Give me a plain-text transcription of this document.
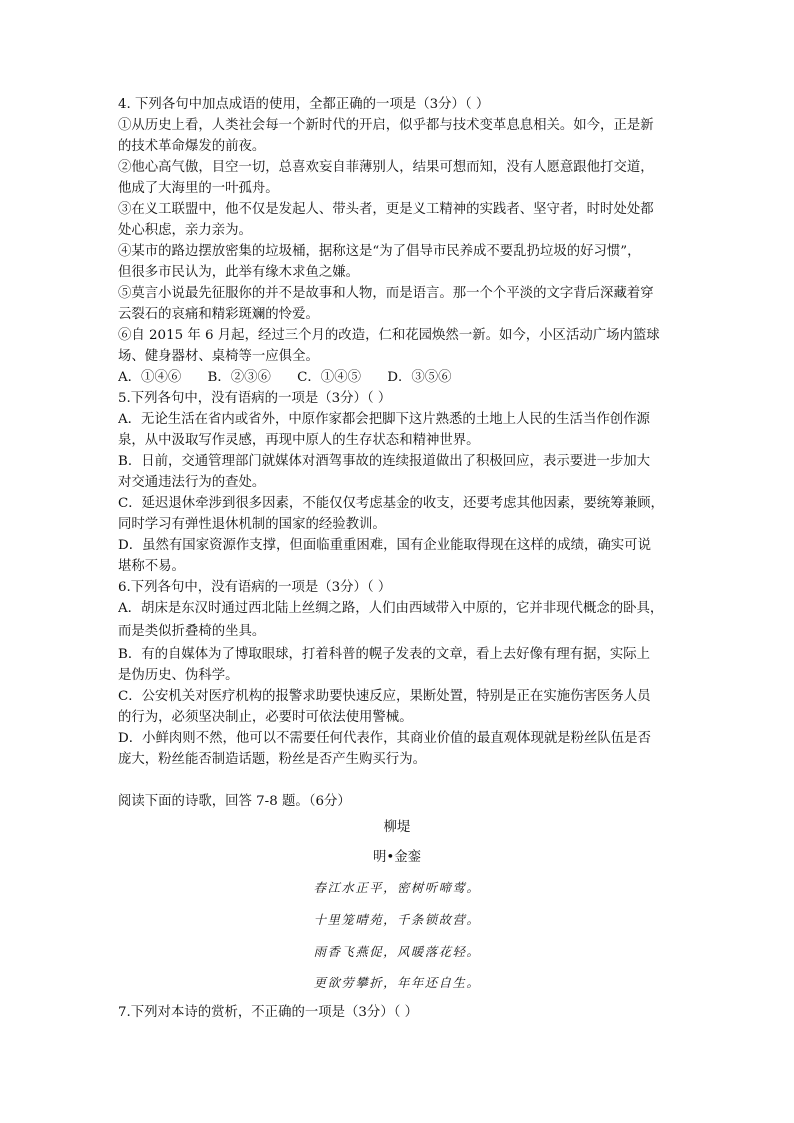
4. 下列各句中加点成语的使用，全都正确的一项是（3分）（ ）
①从历史上看，人类社会每一个新时代的开启，似乎都与技术变革息息相关。如今，正是新
的技术革命爆发的前夜。
②他心高气傲，目空一切，总喜欢妄自菲薄别人，结果可想而知，没有人愿意跟他打交道，
他成了大海里的一叶孤舟。
③在义工联盟中，他不仅是发起人、带头者，更是义工精神的实践者、坚守者，时时处处都
处心积虑，亲力亲为。
④某市的路边摆放密集的垃圾桶，据称这是“为了倡导市民养成不要乱扔垃圾的好习惯”，
但很多市民认为，此举有缘木求鱼之嫌。
⑤莫言小说最先征服你的并不是故事和人物，而是语言。那一个个平淡的文字背后深藏着穿
云裂石的哀痛和精彩斑斓的怜爱。
⑥自 2015 年 6 月起，经过三个月的改造，仁和花园焕然一新。如今，小区活动广场内篮球
场、健身器材、桌椅等一应俱全。
A．①④⑥ B．②③⑥ C．①④⑤ D．③⑤⑥
5.下列各句中，没有语病的一项是（3分）（ ）
A．无论生活在省内或省外，中原作家都会把脚下这片熟悉的土地上人民的生活当作创作源
泉，从中汲取写作灵感，再现中原人的生存状态和精神世界。
B．日前，交通管理部门就媒体对酒驾事故的连续报道做出了积极回应，表示要进一步加大
对交通违法行为的查处。
C．延迟退休牵涉到很多因素，不能仅仅考虑基金的收支，还要考虑其他因素，要统筹兼顾，
同时学习有弹性退休机制的国家的经验教训。
D．虽然有国家资源作支撑，但面临重重困难，国有企业能取得现在这样的成绩，确实可说
堪称不易。
6.下列各句中，没有语病的一项是（3分）（ ）
A．胡床是东汉时通过西北陆上丝绸之路，人们由西域带入中原的，它并非现代概念的卧具，
而是类似折叠椅的坐具。
B．有的自媒体为了博取眼球，打着科普的幌子发表的文章，看上去好像有理有据，实际上
是伪历史、伪科学。
C．公安机关对医疗机构的报警求助要快速反应，果断处置，特别是正在实施伤害医务人员
的行为，必须坚决制止，必要时可依法使用警械。
D．小鲜肉则不然，他可以不需要任何代表作，其商业价值的最直观体现就是粉丝队伍是否
庞大，粉丝能否制造话题，粉丝是否产生购买行为。
阅读下面的诗歌，回答 7-8 题。（6分）
柳堤
明•金銮
春江水正平，密树听啼莺。
十里笼晴苑，千条锁故营。
雨香飞燕促，风暖落花轻。
更欲劳攀折，年年还自生。
7.下列对本诗的赏析，不正确的一项是（3分）（ ）
